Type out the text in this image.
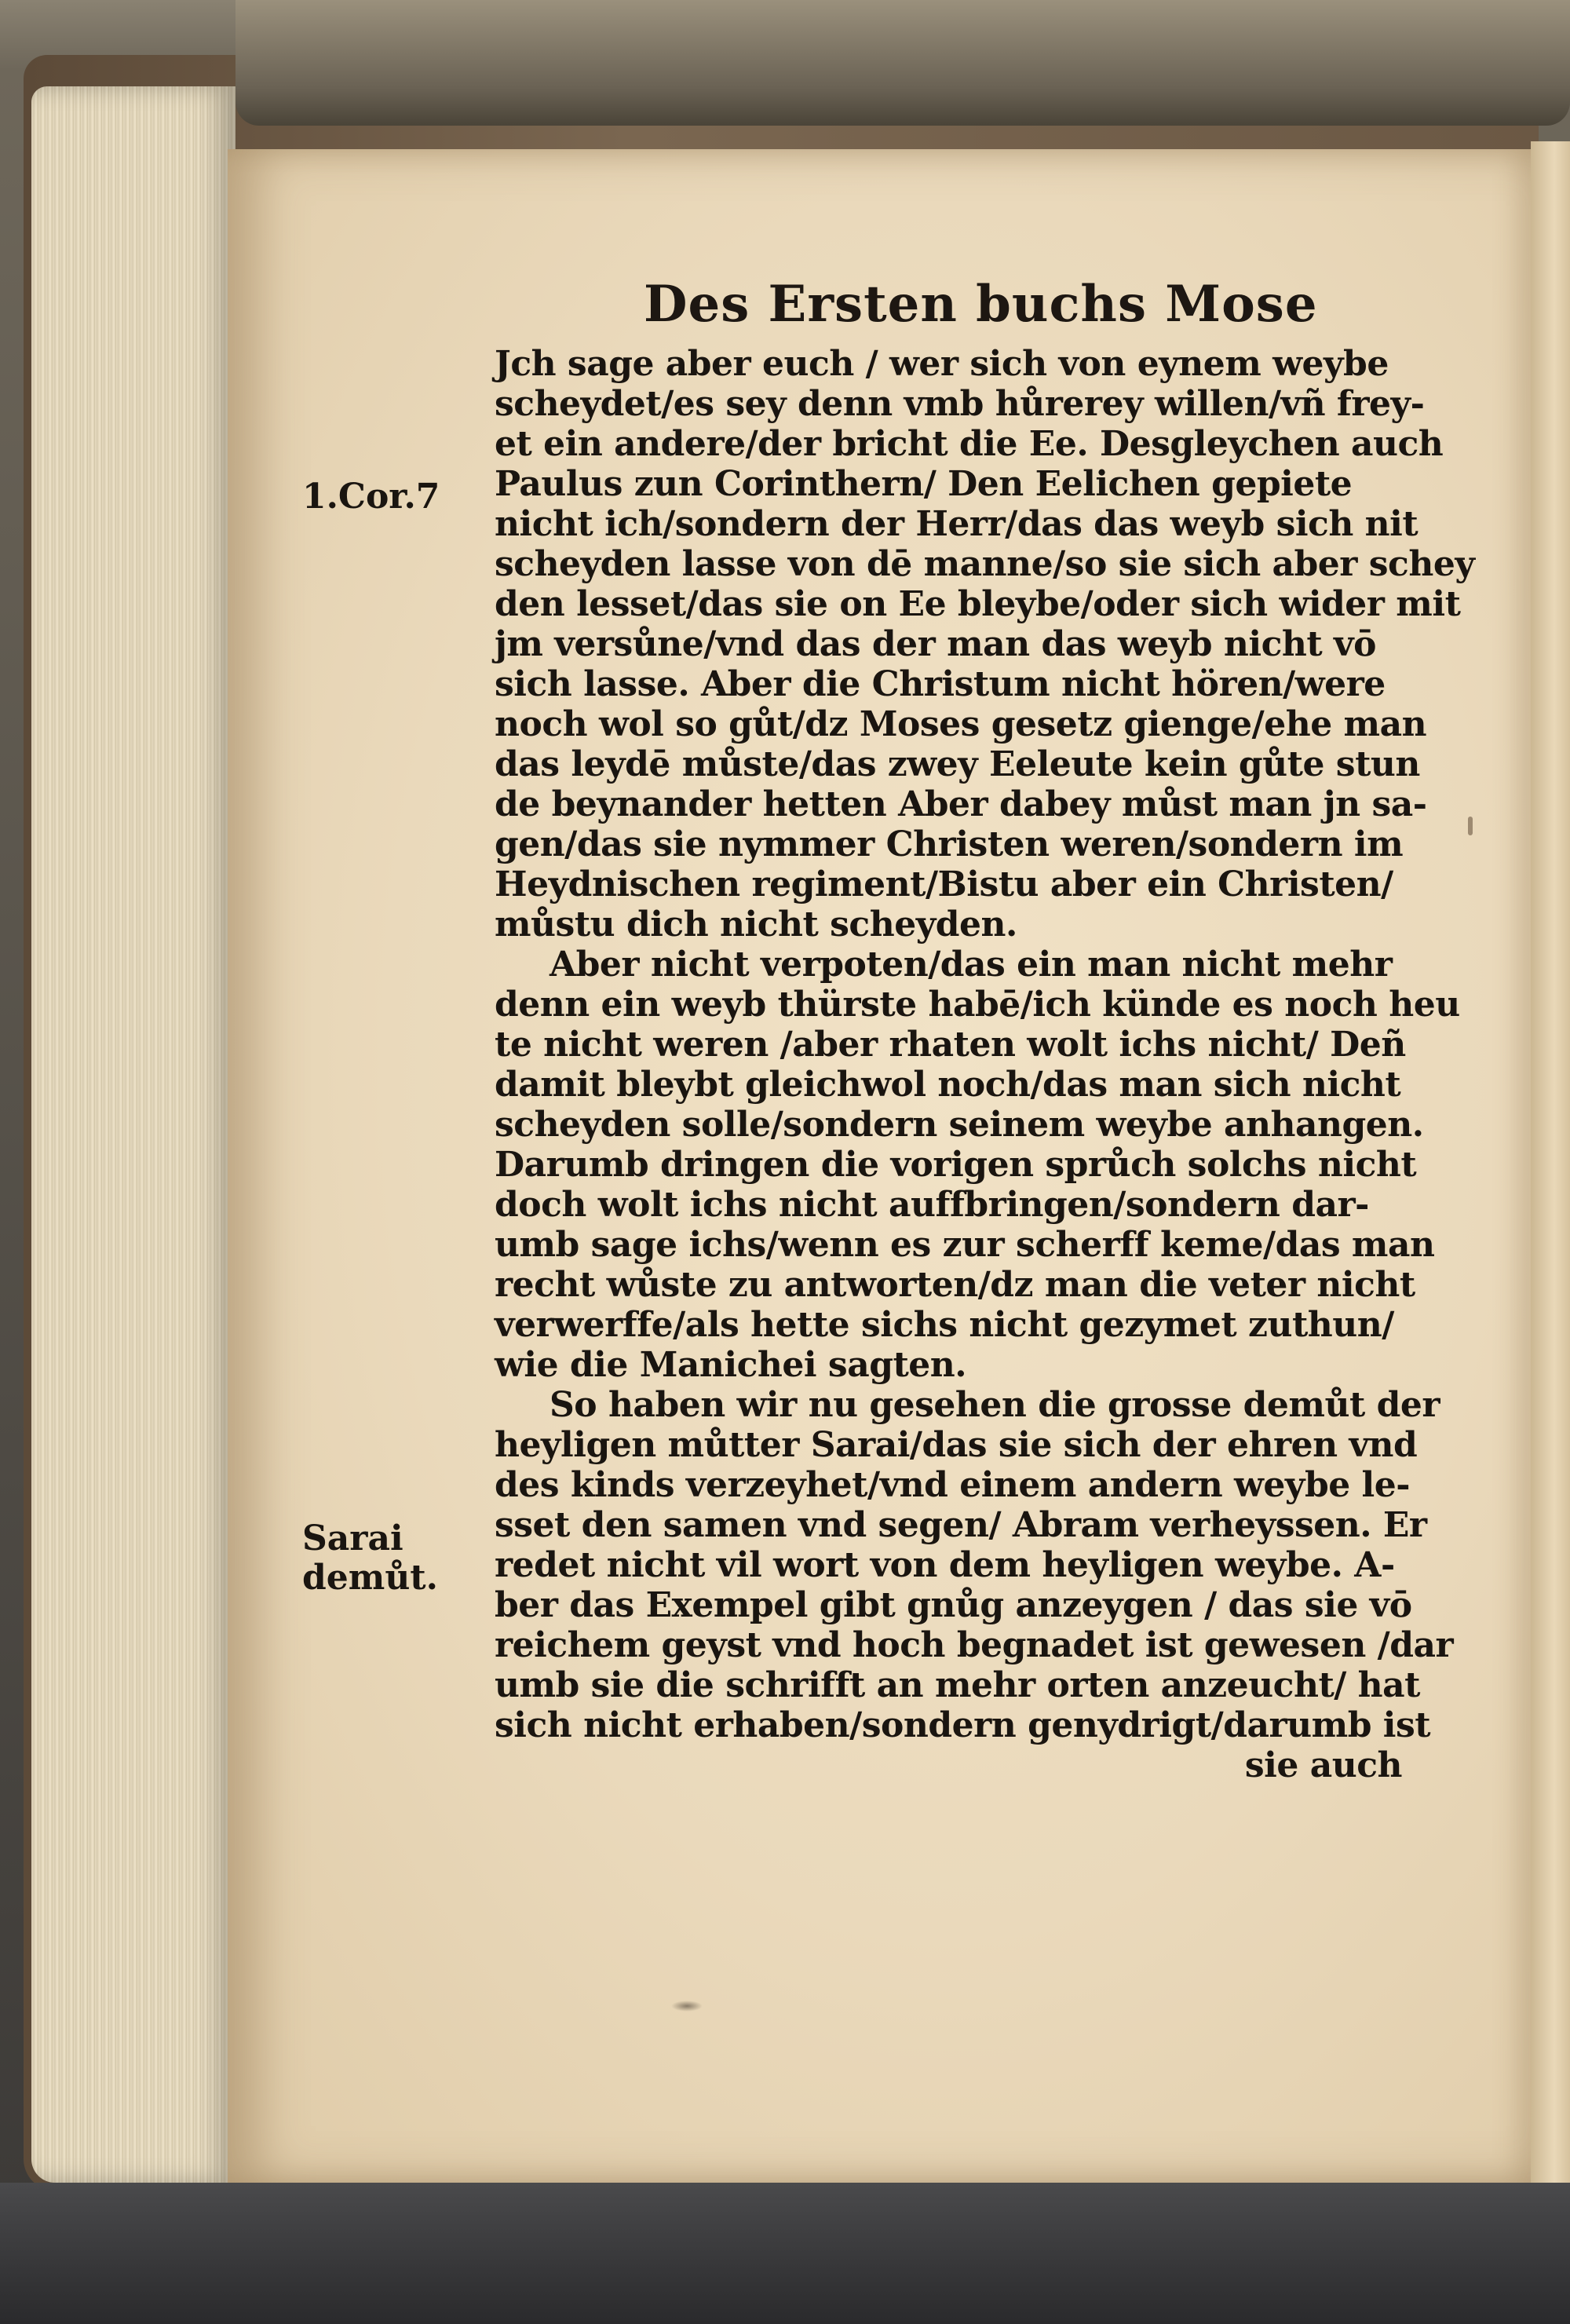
Des Ersten buchs Mose
1.Cor.7
Sarai
demůt.
Jch sage aber euch / wer sich von eynem weybe
scheydet/es sey denn vmb hůrerey willen/vñ frey-
et ein andere/der bricht die Ee. Desgleychen auch
Paulus zun Corinthern/ Den Eelichen gepiete
nicht ich/sondern der Herr/das das weyb sich nit
scheyden lasse von dē manne/so sie sich aber schey
den lesset/das sie on Ee bleybe/oder sich wider mit
jm versůne/vnd das der man das weyb nicht vō
sich lasse. Aber die Christum nicht hören/were
noch wol so gůt/dz Moses gesetz gienge/ehe man
das leydē můste/das zwey Eeleute kein gůte stun
de beynander hetten Aber dabey můst man jn sa-
gen/das sie nymmer Christen weren/sondern im
Heydnischen regiment/Bistu aber ein Christen/
můstu dich nicht scheyden.
Aber nicht verpoten/das ein man nicht mehr
denn ein weyb thürste habē/ich künde es noch heu
te nicht weren /aber rhaten wolt ichs nicht/ Deñ
damit bleybt gleichwol noch/das man sich nicht
scheyden solle/sondern seinem weybe anhangen.
Darumb dringen die vorigen sprůch solchs nicht
doch wolt ichs nicht auffbringen/sondern dar-
umb sage ichs/wenn es zur scherff keme/das man
recht wůste zu antworten/dz man die veter nicht
verwerffe/als hette sichs nicht gezymet zuthun/
wie die Manichei sagten.
So haben wir nu gesehen die grosse demůt der
heyligen můtter Sarai/das sie sich der ehren vnd
des kinds verzeyhet/vnd einem andern weybe le-
sset den samen vnd segen/ Abram verheyssen. Er
redet nicht vil wort von dem heyligen weybe. A-
ber das Exempel gibt gnůg anzeygen / das sie vō
reichem geyst vnd hoch begnadet ist gewesen /dar
umb sie die schrifft an mehr orten anzeucht/ hat
sich nicht erhaben/sondern genydrigt/darumb ist
sie auch
